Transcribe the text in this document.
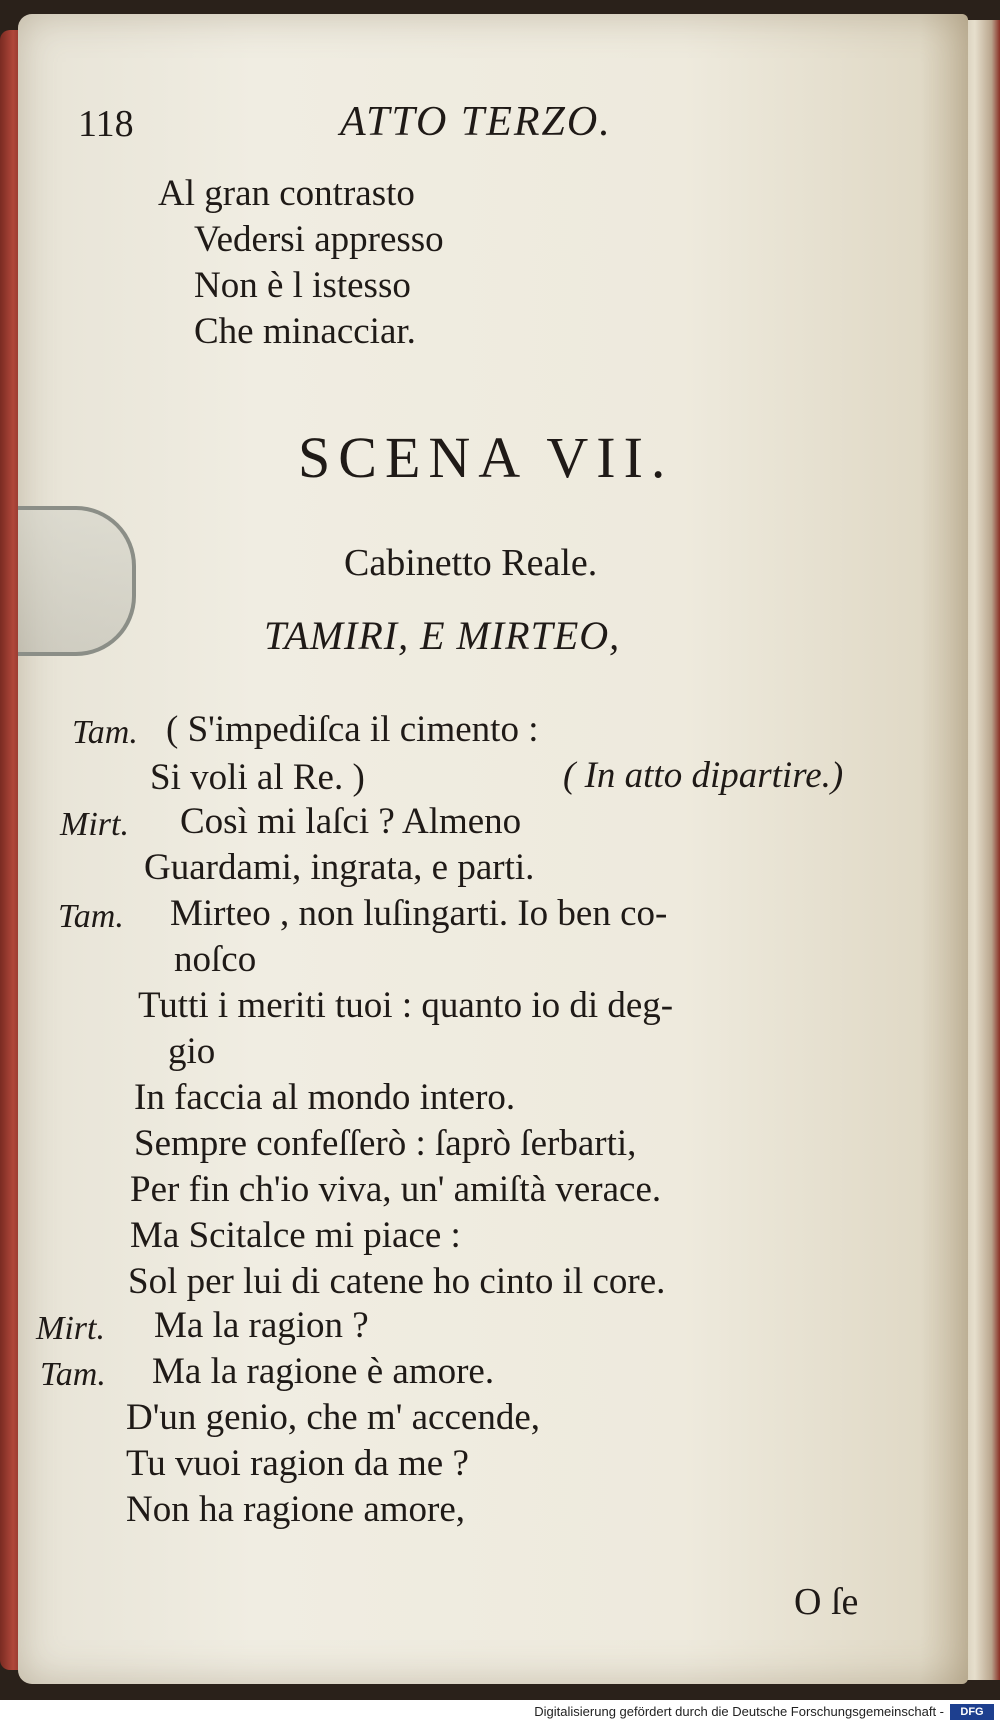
118	ATTO TERZO.
Al gran contrasto
Vedersi appresso
Non è l istesso
Che minacciar.
SCENA VII.
Cabinetto Reale.
TAMIRI, E MIRTEO,
Tam. ( S'impediſca il cimento :
Si voli al Re. )	( In atto dipartire.)
Mirt. Così mi laſci ? Almeno
Guardami, ingrata, e parti.
Tam. Mirteo , non luſingarti. Io ben co-
noſco
Tutti i meriti tuoi : quanto io di deg-
gio
In faccia al mondo intero.
Sempre confeſſerò : ſaprò ſerbarti,
Per fin ch'io viva, un' amiſtà verace.
Ma Scitalce mi piace :
Sol per lui di catene ho cinto il core.
Mirt. Ma la ragion ?
Tam. Ma la ragione è amore.
D'un genio, che m' accende,
Tu vuoi ragion da me ?
Non ha ragione amore,
O ſe
Digitalisierung gefördert durch die Deutsche Forschungsgemeinschaft -	DFG
